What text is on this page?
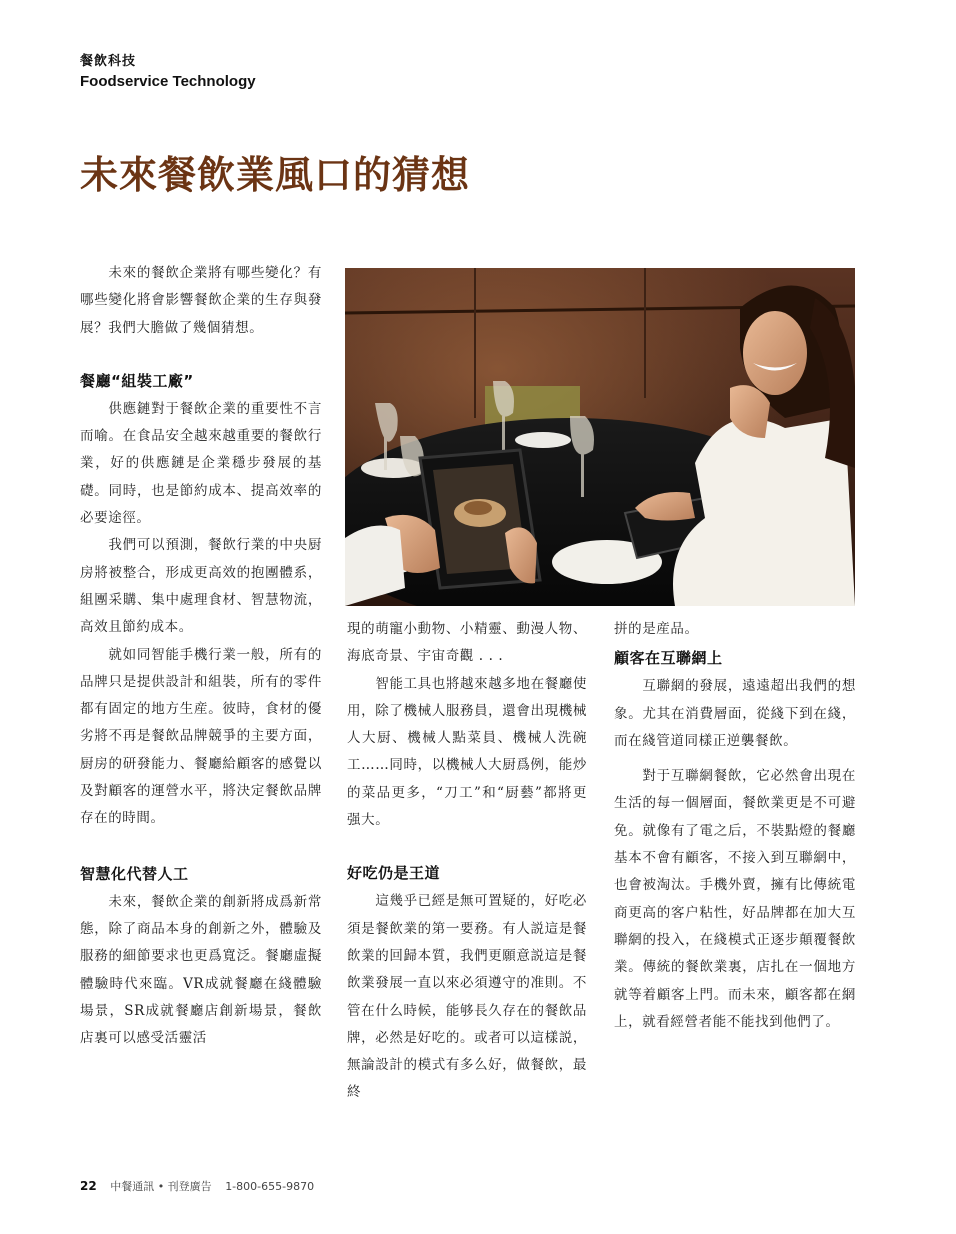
餐飲科技
Foodservice Technology
未來餐飲業風口的猜想

未來的餐飲企業將有哪些變化？有哪些變化將會影響餐飲企業的生存與發展？我們大膽做了幾個猜想。

餐廳“組裝工廠”

供應鏈對于餐飲企業的重要性不言而喻。在食品安全越來越重要的餐飲行業，好的供應鏈是企業穩步發展的基礎。同時，也是節約成本、提高效率的必要途徑。

我們可以預測，餐飲行業的中央厨房將被整合，形成更高效的抱團體系，組團采購、集中處理食材、智慧物流，高效且節約成本。

就如同智能手機行業一般，所有的品牌只是提供設計和組裝，所有的零件都有固定的地方生産。彼時，食材的優劣將不再是餐飲品牌競爭的主要方面，厨房的研發能力、餐廳給顧客的感覺以及對顧客的運營水平，將決定餐飲品牌存在的時間。

智慧化代替人工

未來，餐飲企業的創新將成爲新常態，除了商品本身的創新之外，體驗及服務的細節要求也更爲寬泛。餐廳虛擬體驗時代來臨。VR成就餐廳在綫體驗場景，SR成就餐廳店創新場景，餐飲店裏可以感受活靈活

現的萌寵小動物、小精靈、動漫人物、海底奇景、宇宙奇觀 . . .

智能工具也將越來越多地在餐廳使用，除了機械人服務員，還會出現機械人大厨、機械人點菜員、機械人洗碗工……同時，以機械人大厨爲例，能炒的菜品更多，“刀工”和“厨藝”都將更强大。

好吃仍是王道

這幾乎已經是無可置疑的，好吃必須是餐飲業的第一要務。有人説這是餐飲業的回歸本質，我們更願意説這是餐飲業發展一直以來必須遵守的准則。不管在什么時候，能够長久存在的餐飲品牌，必然是好吃的。或者可以這樣説，無論設計的模式有多么好，做餐飲，最終

拼的是産品。

顧客在互聯網上

互聯網的發展，遠遠超出我們的想象。尤其在消費層面，從綫下到在綫，而在綫管道同樣正逆襲餐飲。

對于互聯網餐飲，它必然會出現在生活的每一個層面，餐飲業更是不可避免。就像有了電之后，不裝點燈的餐廳基本不會有顧客，不接入到互聯網中，也會被淘汰。手機外賣，擁有比傳統電商更高的客户粘性，好品牌都在加大互聯網的投入，在綫模式正逐步顛覆餐飲業。傳統的餐飲業裏，店扎在一個地方就等着顧客上門。而未來，顧客都在網上，就看經營者能不能找到他們了。

22 中餐通訊 • 刊登廣告 1-800-655-9870
